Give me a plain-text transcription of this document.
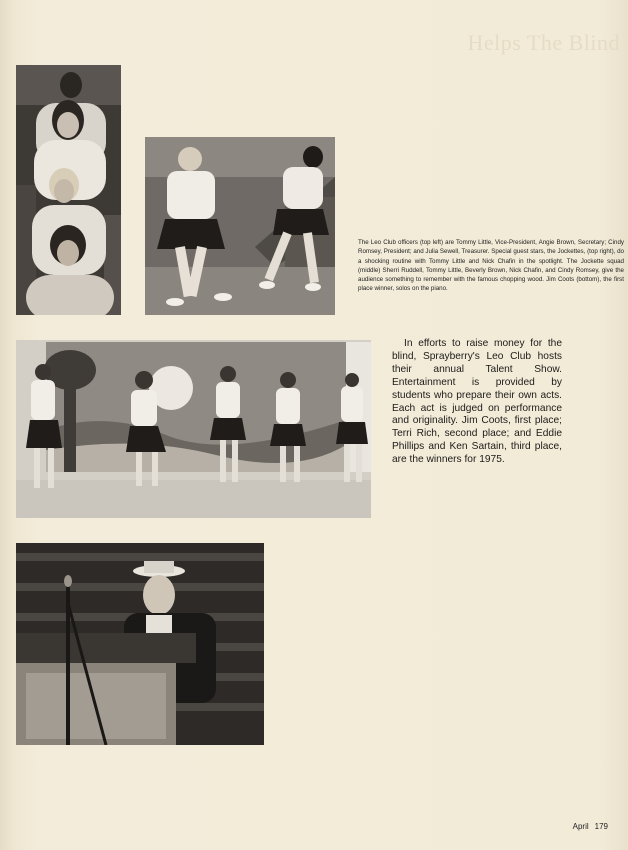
Helps The Blind
The Leo Club officers (top left) are Tommy Little, Vice-President, Angie Brown, Secretary; Cindy Romsey, President; and Julia Sewell, Treasurer. Special guest stars, the Jockettes, (top right), do a shocking routine with Tommy Little and Nick Chafin in the spotlight. The Jockette squad (middle) Sherri Ruddell, Tommy Little, Beverly Brown, Nick Chafin, and Cindy Romsey, give the audience something to remember with the famous chopping wood. Jim Coots (bottom), the first place winner, solos on the piano.
In efforts to raise money for the blind, Sprayberry's Leo Club hosts their annual Talent Show. Entertainment is provided by students who prepare their own acts. Each act is judged on performance and originality. Jim Coots, first place; Terri Rich, second place; and Eddie Phillips and Ken Sartain, third place, are the winners for 1975.
April 179
